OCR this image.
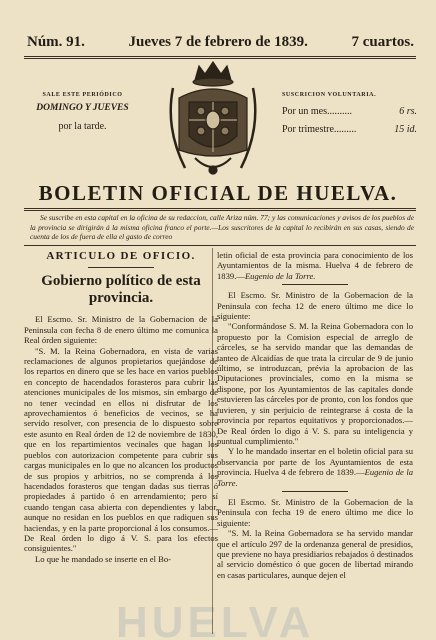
Núm. 91.	Jueves 7 de febrero de 1839.	7 cuartos.
SALE ESTE PERIÓDICO
DOMINGO Y JUEVES
por la tarde.
SUSCRICION VOLUNTARIA.
Por un mes..........	6 rs.
Por trimestre.........	15 id.
BOLETIN OFICIAL DE HUELVA.
Se suscribe en esta capital en la oficina de su redaccion, calle Ariza núm. 77; y las comunicaciones y avisos de los pueblos de la provincia se dirigirán á la misma oficina franco el porte.—Los suscritores de la capital lo recibirán en sus casas, siendo de cuenta de los de fuera de ella el gasto de correo
ARTICULO DE OFICIO.
Gobierno político de esta provincia.

El Escmo. Sr. Ministro de la Gobernacion de la Peninsula con fecha 8 de enero último me comunica la Real órden siguiente:

"S. M. la Reina Gobernadora, en vista de varias reclamaciones de algunos propietarios quejándose de los repartos en dinero que se les hace en varios pueblos en concepto de hacendados forasteros para cubrir las atenciones municipales de los mismos, sin embargo de no tener vecindad en ellos ni disfrutar de los aprovechamientos ó beneficios de vecinos, se ha servido resolver, con presencia de lo dispuesto sobre este asunto en Real órden de 12 de noviembre de 1830, que en los repartimientos vecinales que hagan los pueblos con autorizacion competente para cubrir sus cargas municipales en lo que no alcancen los productos de sus propios y arbitrios, no se comprenda á los hacendados forasteros que tengan dadas sus tierras ó propiedades á partido ó en arrendamiento; pero sí cuando tengan casa abierta con dependientes y labor, aunque no residan en los pueblos en que radiquen sus haciendas, y en la parte proporcional á los consumos.—De Real órden lo digo á V. S. para los efectos consiguientes."

Lo que he mandado se inserte en el Bo-

letin oficial de esta provincia para conocimiento de los Ayuntamientos de la misma. Huelva 4 de febrero de 1839.—Eugenio de la Torre.

El Escmo. Sr. Ministro de la Gobernacion de la Peninsula con fecha 12 de enero último me dice lo siguiente:

"Conformándose S. M. la Reina Gobernadora con lo propuesto por la Comision especial de arreglo de cárceles, se ha servido mandar que las demandas de tanteo de Alcaidías de que trata la circular de 9 de junio último, se introduzcan, prévia la aprobacion de las Diputaciones provinciales, como en la misma se dispone, por los Ayuntamientos de las capitales donde estuvieren las cárceles por de pronto, con los fondos que tuvieren, y sin perjuicio de reintegrarse á costa de la provincia por repartos equitativos y proporcionados.—De Real órden lo digo á V. S. para su inteligencia y puntual cumplimiento."

Y lo he mandado insertar en el boletin oficial para su observancia por parte de los Ayuntamientos de esta provincia. Huelva 4 de febrero de 1839.—Eugenio de la Torre.

El Escmo. Sr. Ministro de la Gobernacion de la Peninsula con fecha 19 de enero último me dice lo siguiente:

"S. M. la Reina Gobernadora se ha servido mandar que el artículo 297 de la ordenanza general de presidios, que previene no haya presidiarios rebajados ó destinados al servicio doméstico ó que gocen de libertad mirando en casas particulares, aunque dejen el

HUELVA
